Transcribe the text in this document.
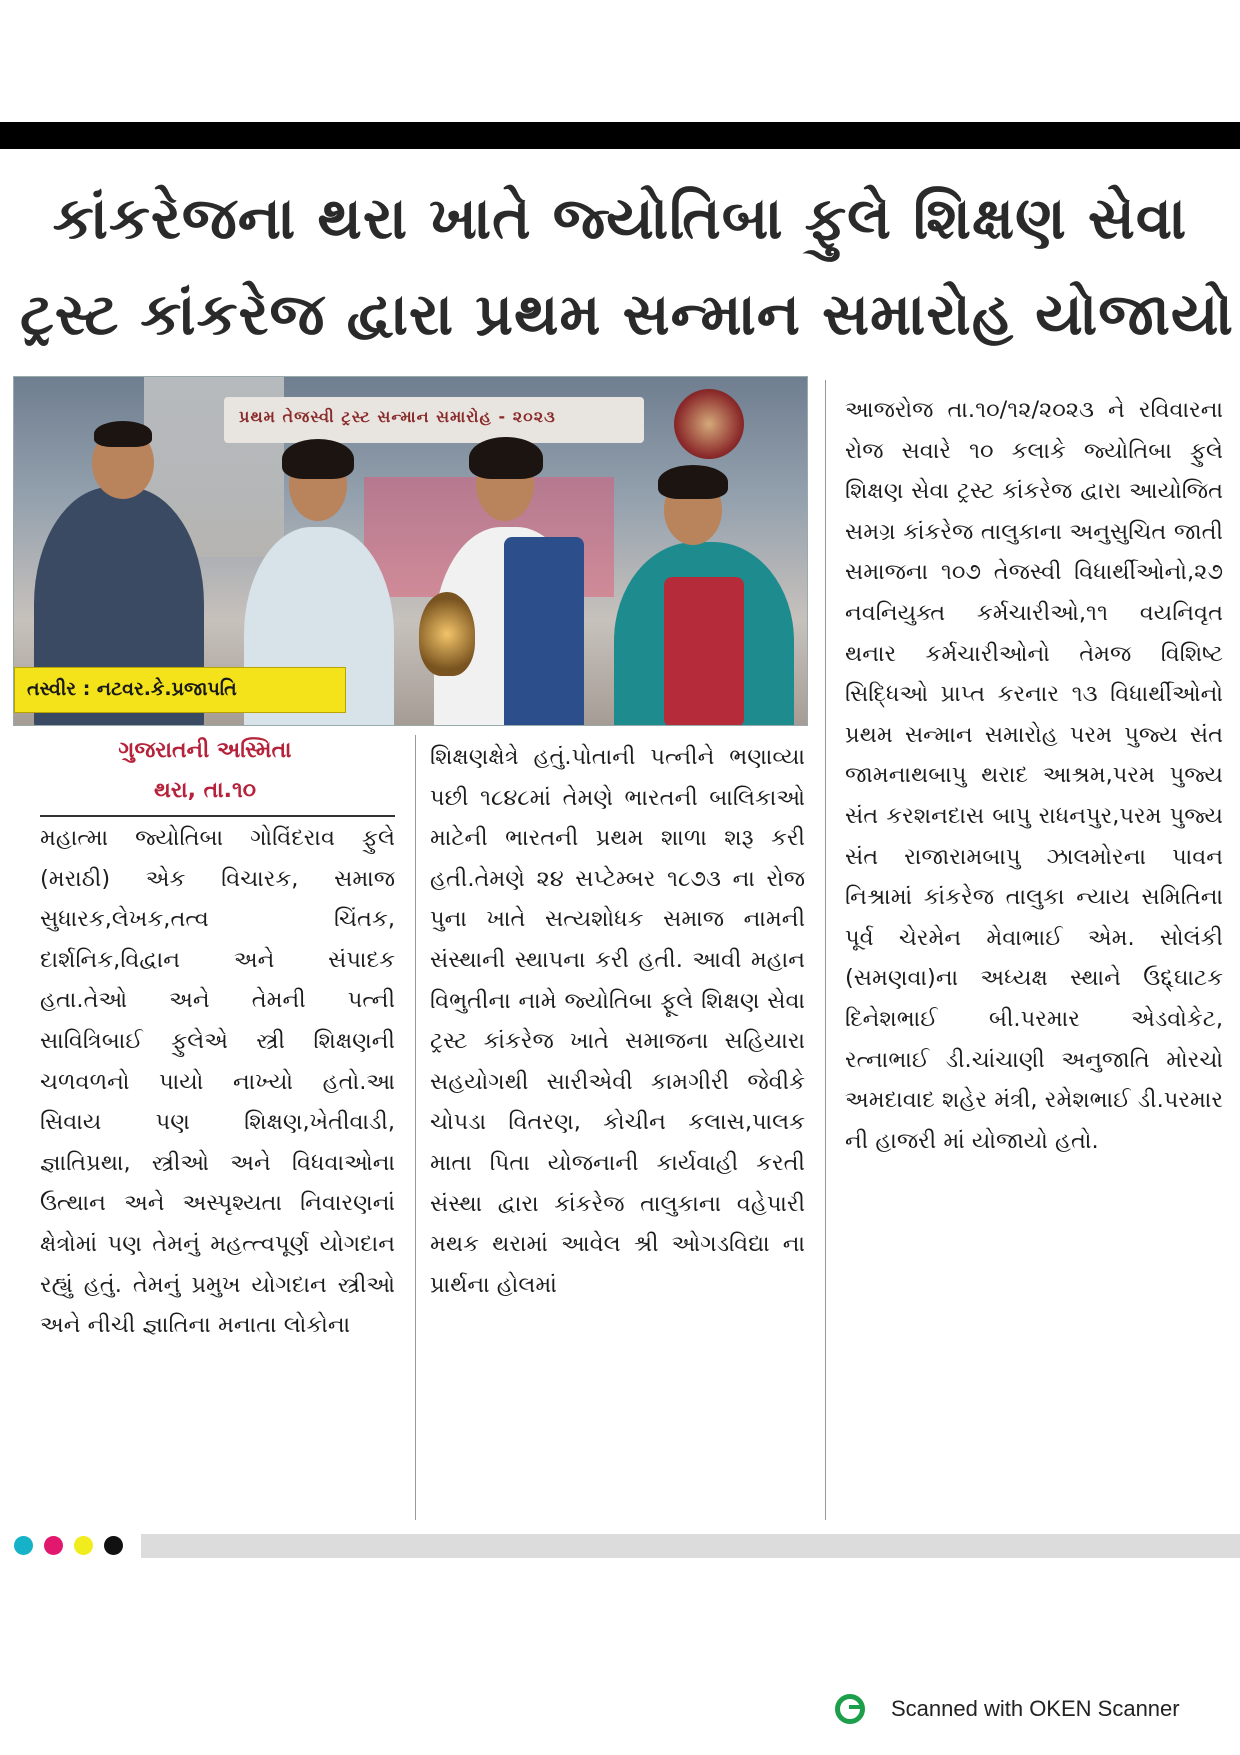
કાંકરેજના થરા ખાતે જ્યોતિબા ફુલે શિક્ષણ સેવા
ટ્રસ્ટ કાંકરેજ દ્વારા પ્રથમ સન્માન સમારોહ યોજાયો
પ્રથમ તેજસ્વી ટ્રસ્ટ સન્માન સમારોહ - ૨૦૨૩
તસ્વીર : નટવર.કે.પ્રજાપતિ
ગુજરાતની અસ્મિતા
થરા, તા.૧૦

મહાત્મા જ્યોતિબા ગોવિંદરાવ ફુલે (મરાઠી) એક વિચારક, સમાજ સુધારક,લેખક,તત્વ ચિંતક, દાર્શનિક,વિદ્વાન અને સંપાદક હતા.તેઓ અને તેમની પત્ની સાવિત્રિબાઈ ફુલેએ સ્ત્રી શિક્ષણની ચળવળનો પાયો નાખ્યો હતો.આ સિવાય પણ શિક્ષણ,ખેતીવાડી, જ્ઞાતિપ્રથા, સ્ત્રીઓ અને વિધવાઓના ઉત્થાન અને અસ્પૃશ્યતા નિવારણનાં ક્ષેત્રોમાં પણ તેમનું મહત્ત્વપૂર્ણ યોગદાન રહ્યું હતું. તેમનું પ્રમુખ યોગદાન સ્ત્રીઓ અને નીચી જ્ઞાતિના મનાતા લોકોના

શિક્ષણક્ષેત્રે હતું.પોતાની પત્નીને ભણાવ્યા પછી ૧૮૪૮માં તેમણે ભારતની બાલિકાઓ માટેની ભારતની પ્રથમ શાળા શરૂ કરી હતી.તેમણે ૨૪ સપ્ટેમ્બર ૧૮૭૩ ના રોજ પુના ખાતે સત્યશોધક સમાજ નામની સંસ્થાની સ્થાપના કરી હતી. આવી મહાન વિભુતીના નામે જ્યોતિબા ફૂલે શિક્ષણ સેવા ટ્રસ્ટ કાંકરેજ ખાતે સમાજના સહિયારા સહયોગથી સારીએવી કામગીરી જેવીકે ચોપડા વિતરણ, કોચીન કલાસ,પાલક માતા પિતા યોજનાની કાર્યવાહી કરતી સંસ્થા દ્વારા કાંકરેજ તાલુકાના વહેપારી મથક થરામાં આવેલ શ્રી ઓગડવિદ્યા ના પ્રાર્થના હોલમાં

આજરોજ તા.૧૦/૧૨/૨૦૨૩ ને રવિવારના રોજ સવારે ૧૦ કલાકે જ્યોતિબા ફુલે શિક્ષણ સેવા ટ્રસ્ટ કાંકરેજ દ્વારા આયોજિત સમગ્ર કાંકરેજ તાલુકાના અનુસુચિત જાતી સમાજના ૧૦૭ તેજસ્વી વિધાર્થીઓનો,૨૭ નવનિયુક્ત કર્મચારીઓ,૧૧ વયનિવૃત થનાર કર્મચારીઓનો તેમજ વિશિષ્ટ સિદ્ધિઓ પ્રાપ્ત કરનાર ૧૩ વિધાર્થીઓનો પ્રથમ સન્માન સમારોહ પરમ પુજ્ય સંત જામનાથબાપુ થરાદ આશ્રમ,પરમ પુજ્ય સંત કરશનદાસ બાપુ રાધનપુર,પરમ પુજ્ય સંત રાજારામબાપુ ઝાલમોરના પાવન નિશ્રામાં કાંકરેજ તાલુકા ન્યાય સમિતિના પૂર્વ ચેરમેન મેવાભાઈ એમ. સોલંકી (સમણવા)ના અધ્યક્ષ સ્થાને ઉદ્દ્ઘાટક દિનેશભાઈ બી.પરમાર એડવોકેટ, રત્નાભાઈ ડી.ચાંચાણી અનુજાતિ મોરચો અમદાવાદ શહેર મંત્રી, રમેશભાઈ ડી.પરમાર ની હાજરી માં યોજાયો હતો.

Scanned with OKEN Scanner
